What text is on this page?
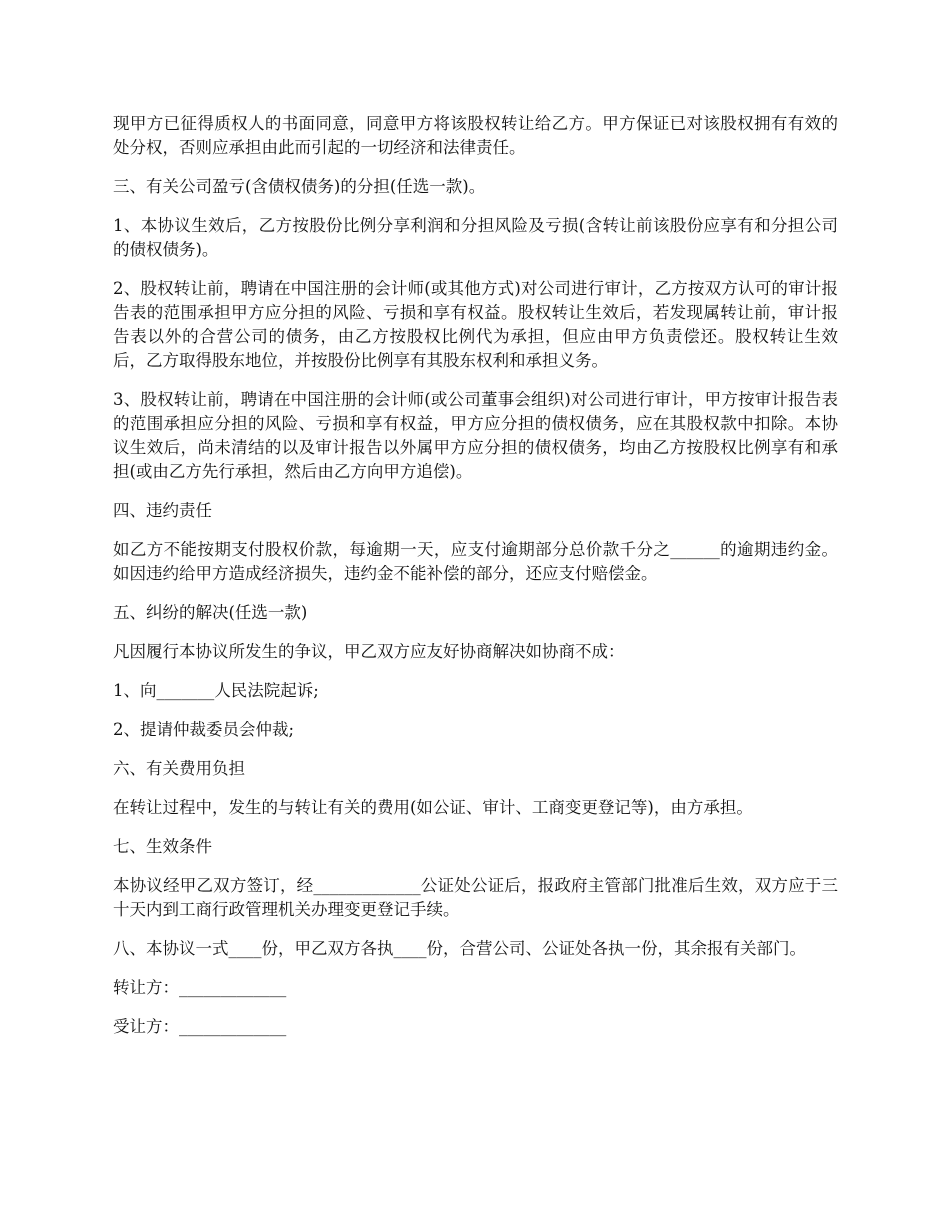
现甲方已征得质权人的书面同意，同意甲方将该股权转让给乙方。甲方保证已对该股权拥有有效的处分权，否则应承担由此而引起的一切经济和法律责任。

三、有关公司盈亏(含债权债务)的分担(任选一款)。

1、本协议生效后，乙方按股份比例分享利润和分担风险及亏损(含转让前该股份应享有和分担公司的债权债务)。

2、股权转让前，聘请在中国注册的会计师(或其他方式)对公司进行审计，乙方按双方认可的审计报告表的范围承担甲方应分担的风险、亏损和享有权益。股权转让生效后，若发现属转让前，审计报告表以外的合营公司的债务，由乙方按股权比例代为承担，但应由甲方负责偿还。股权转让生效后，乙方取得股东地位，并按股份比例享有其股东权利和承担义务。

3、股权转让前，聘请在中国注册的会计师(或公司董事会组织)对公司进行审计，甲方按审计报告表的范围承担应分担的风险、亏损和享有权益，甲方应分担的债权债务，应在其股权款中扣除。本协议生效后，尚未清结的以及审计报告以外属甲方应分担的债权债务，均由乙方按股权比例享有和承担(或由乙方先行承担，然后由乙方向甲方追偿)。

四、违约责任

如乙方不能按期支付股权价款，每逾期一天，应支付逾期部分总价款千分之______的逾期违约金。如因违约给甲方造成经济损失，违约金不能补偿的部分，还应支付赔偿金。

五、纠纷的解决(任选一款)

凡因履行本协议所发生的争议，甲乙双方应友好协商解决如协商不成：

1、向_______人民法院起诉;

2、提请仲裁委员会仲裁;

六、有关费用负担

在转让过程中，发生的与转让有关的费用(如公证、审计、工商变更登记等)，由方承担。

七、生效条件

本协议经甲乙双方签订，经_____________公证处公证后，报政府主管部门批准后生效，双方应于三十天内到工商行政管理机关办理变更登记手续。

八、本协议一式____份，甲乙双方各执____份，合营公司、公证处各执一份，其余报有关部门。

转让方：_____________

受让方：_____________
